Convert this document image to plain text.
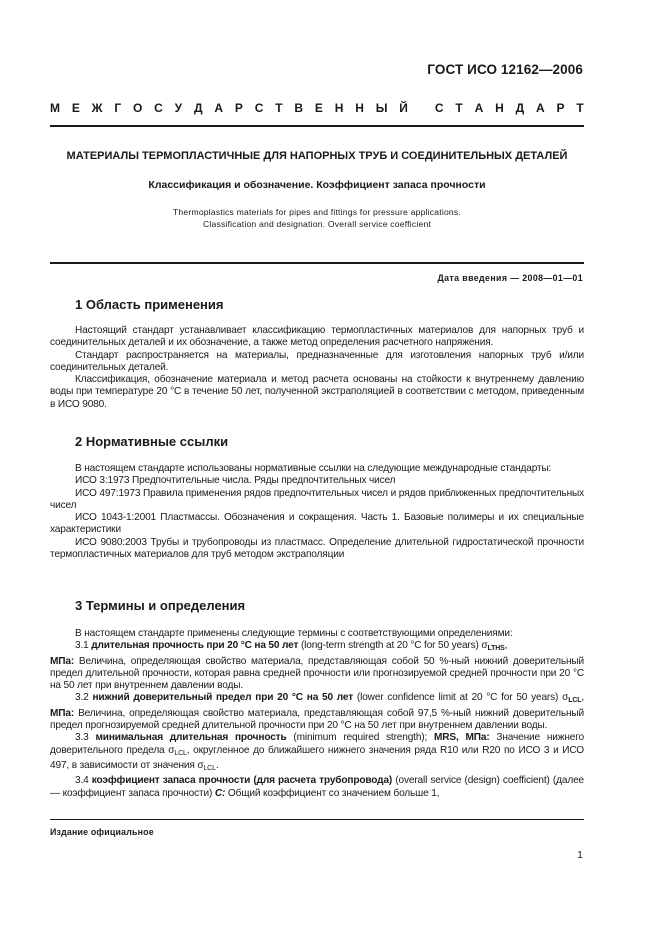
ГОСТ ИСО 12162—2006
М Е Ж Г О С У Д А Р С Т В Е Н Н Ы Й
С Т А Н Д А Р Т
МАТЕРИАЛЫ ТЕРМОПЛАСТИЧНЫЕ ДЛЯ НАПОРНЫХ ТРУБ И СОЕДИНИТЕЛЬНЫХ ДЕТАЛЕЙ
Классификация и обозначение. Коэффициент запаса прочности
Thermoplastics materials for pipes and fittings for pressure applications.
Classification and designation. Overall service coefficient
Дата введения — 2008—01—01
1 Область применения

Настоящий стандарт устанавливает классификацию термопластичных материалов для напорных труб и соединительных деталей и их обозначение, а также метод определения расчетного напряжения.

Стандарт распространяется на материалы, предназначенные для изготовления напорных труб и/или соединительных деталей.

Классификация, обозначение материала и метод расчета основаны на стойкости к внутреннему давлению воды при температуре 20 °С в течение 50 лет, полученной экстраполяцией в соответствии с методом, приведенным в ИСО 9080.

2 Нормативные ссылки

В настоящем стандарте использованы нормативные ссылки на следующие международные стандарты:

ИСО 3:1973 Предпочтительные числа. Ряды предпочтительных чисел

ИСО 497:1973 Правила применения рядов предпочтительных чисел и рядов приближенных предпочтительных чисел

ИСО 1043-1:2001 Пластмассы. Обозначения и сокращения. Часть 1. Базовые полимеры и их специальные характеристики

ИСО 9080:2003 Трубы и трубопроводы из пластмасс. Определение длительной гидростатической прочности термопластичных материалов для труб методом экстраполяции

3 Термины и определения

В настоящем стандарте применены следующие термины с соответствующими определениями:

3.1 длительная прочность при 20 °С на 50 лет (long-term strength at 20 °С for 50 years) $\sigma_{LTHS}$,
МПа: Величина, определяющая свойство материала, представляющая собой 50 %-ный нижний доверительный предел длительной прочности, которая равна средней прочности или прогнозируемой средней прочности при 20 °С на 50 лет при внутреннем давлении воды.

3.2 нижний доверительный предел при 20 °С на 50 лет (lower confidence limit at 20 °С for 50 years) $\sigma_{LCL}$, МПа: Величина, определяющая свойство материала, представляющая собой 97,5 %-ный нижний доверительный предел прогнозируемой средней длительной прочности при 20 °С на 50 лет при внутреннем давлении воды.

3.3 минимальная длительная прочность (minimum required strength); MRS, МПа: Значение нижнего доверительного предела σLCL, округленное до ближайшего нижнего значения ряда R10 или R20 по ИСО 3 и ИСО 497, в зависимости от значения σLCL.

3.4 коэффициент запаса прочности (для расчета трубопровода) (overall service (design) coefficient) (далее — коэффициент запаса прочности) С: Общий коэффициент со значением больше 1,

Издание официальное
1
